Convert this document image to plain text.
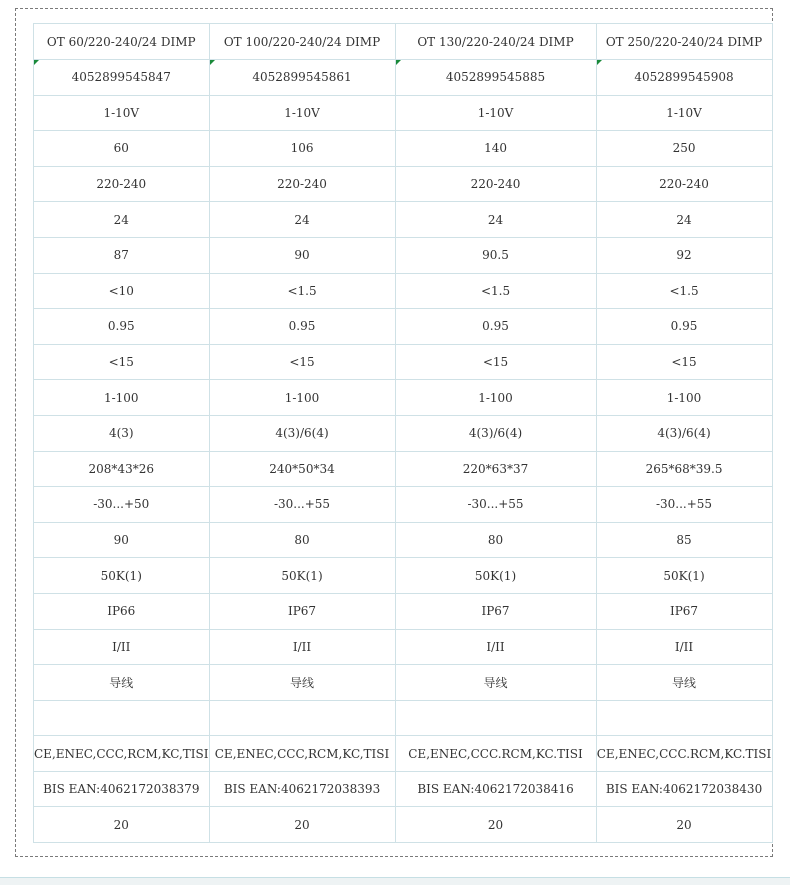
OT 60/220-240/24 DIMP	OT 100/220-240/24 DIMP	OT 130/220-240/24 DIMP	OT 250/220-240/24 DIMP
4052899545847	4052899545861	4052899545885	4052899545908
1-10V	1-10V	1-10V	1-10V
60	106	140	250
220-240	220-240	220-240	220-240
24	24	24	24
87	90	90.5	92
<10	<1.5	<1.5	<1.5
0.95	0.95	0.95	0.95
<15	<15	<15	<15
1-100	1-100	1-100	1-100
4(3)	4(3)/6(4)	4(3)/6(4)	4(3)/6(4)
208*43*26	240*50*34	220*63*37	265*68*39.5
-30...+50	-30...+55	-30...+55	-30...+55
90	80	80	85
50K(1)	50K(1)	50K(1)	50K(1)
IP66	IP67	IP67	IP67
I/II	I/II	I/II	I/II
导线	导线	导线	导线

CE,ENEC,CCC,RCM,KC,TISI	CE,ENEC,CCC,RCM,KC,TISI	CE,ENEC,CCC.RCM,KC.TISI	CE,ENEC,CCC.RCM,KC.TISI
BIS EAN:4062172038379	BIS EAN:4062172038393	BIS EAN:4062172038416	BIS EAN:4062172038430
20	20	20	20
